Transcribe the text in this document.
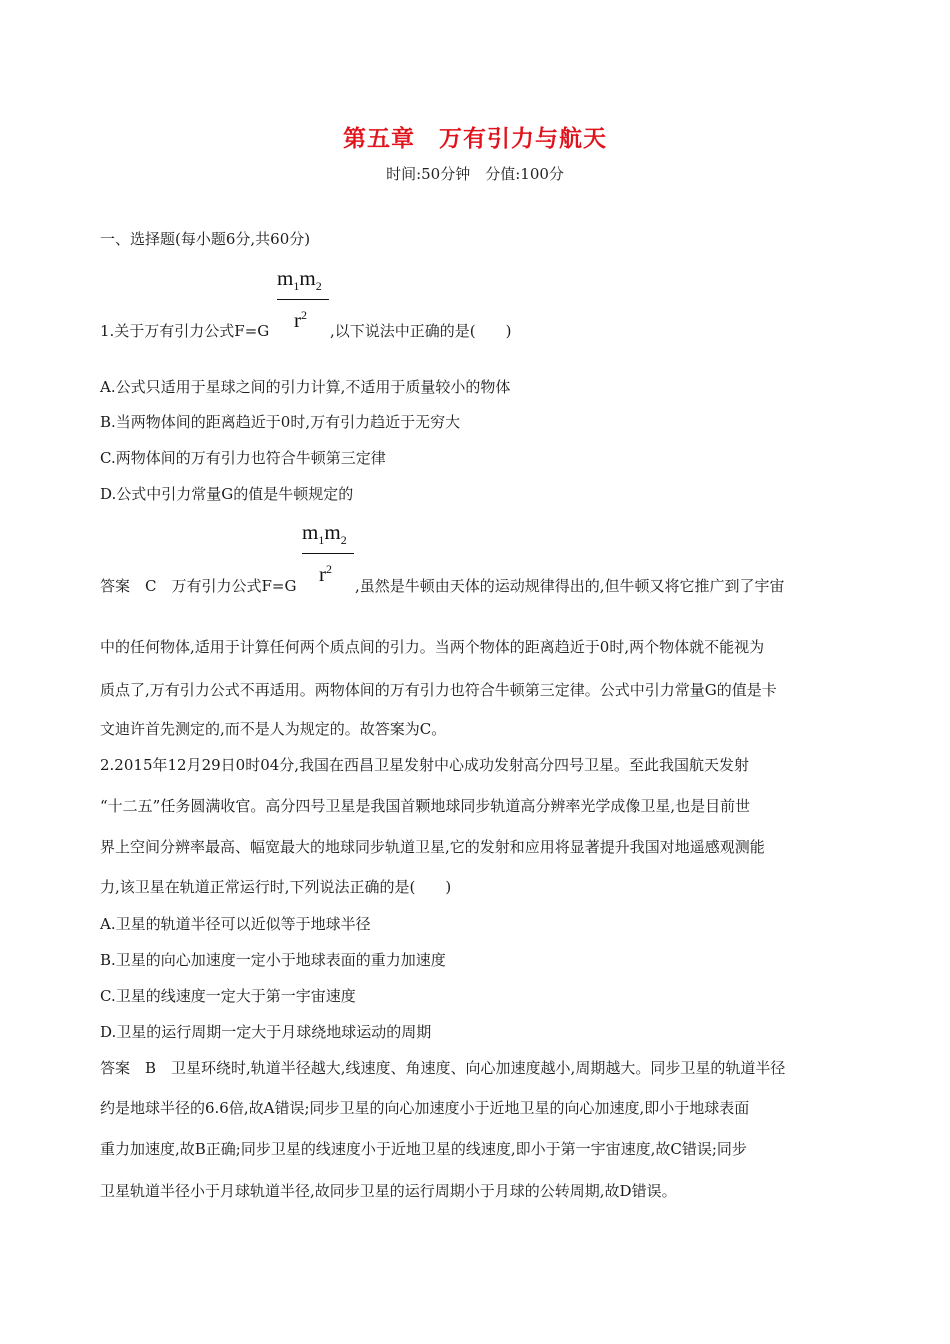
第五章　万有引力与航天
时间:50分钟　分值:100分
一、选择题(每小题6分,共60分)
$m_1m_2$
$r^2$
1.关于万有引力公式F=G	,以下说法中正确的是(　　)
A.公式只适用于星球之间的引力计算,不适用于质量较小的物体
B.当两物体间的距离趋近于0时,万有引力趋近于无穷大
C.两物体间的万有引力也符合牛顿第三定律
D.公式中引力常量G的值是牛顿规定的
$m_1m_2$
$r^2$
答案　C　万有引力公式F=G	,虽然是牛顿由天体的运动规律得出的,但牛顿又将它推广到了宇宙
中的任何物体,适用于计算任何两个质点间的引力。当两个物体的距离趋近于0时,两个物体就不能视为
质点了,万有引力公式不再适用。两物体间的万有引力也符合牛顿第三定律。公式中引力常量G的值是卡
文迪许首先测定的,而不是人为规定的。故答案为C。
2.2015年12月29日0时04分,我国在西昌卫星发射中心成功发射高分四号卫星。至此我国航天发射
“十二五”任务圆满收官。高分四号卫星是我国首颗地球同步轨道高分辨率光学成像卫星,也是目前世
界上空间分辨率最高、幅宽最大的地球同步轨道卫星,它的发射和应用将显著提升我国对地遥感观测能
力,该卫星在轨道正常运行时,下列说法正确的是(　　)
A.卫星的轨道半径可以近似等于地球半径
B.卫星的向心加速度一定小于地球表面的重力加速度
C.卫星的线速度一定大于第一宇宙速度
D.卫星的运行周期一定大于月球绕地球运动的周期
答案　B　卫星环绕时,轨道半径越大,线速度、角速度、向心加速度越小,周期越大。同步卫星的轨道半径
约是地球半径的6.6倍,故A错误;同步卫星的向心加速度小于近地卫星的向心加速度,即小于地球表面
重力加速度,故B正确;同步卫星的线速度小于近地卫星的线速度,即小于第一宇宙速度,故C错误;同步
卫星轨道半径小于月球轨道半径,故同步卫星的运行周期小于月球的公转周期,故D错误。
